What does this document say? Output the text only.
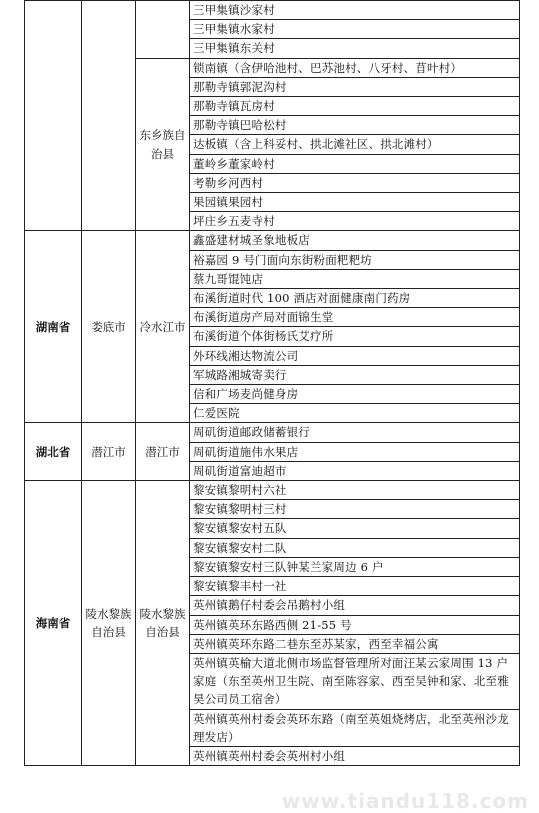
			三甲集镇沙家村
			三甲集镇水家村
			三甲集镇东关村
		东乡族自治县	锁南镇（含伊哈池村、巴苏池村、八牙村、苜叶村）
			那勒寺镇郭泥沟村
			那勒寺镇瓦房村
			那勒寺镇巴哈松村
			达板镇（含上科妥村、拱北滩社区、拱北滩村）
			董岭乡董家岭村
			考勒乡河西村
			果园镇果园村
			坪庄乡五麦寺村
湖南省	娄底市	冷水江市	鑫盛建材城圣象地板店
			裕嘉园 9 号门面向东街粉面粑粑坊
			蔡九哥馄饨店
			布溪街道时代 100 酒店对面健康南门药房
			布溪街道房产局对面锦生堂
			布溪街道个体街杨氏艾疗所
			外环线湘达物流公司
			军城路湘城寄卖行
			信和广场麦尚健身房
			仁爱医院
湖北省	潜江市	潜江市	周矶街道邮政储蓄银行
			周矶街道施伟水果店
			周矶街道富迪超市
海南省	陵水黎族自治县	陵水黎族自治县	黎安镇黎明村六社
			黎安镇黎明村三村
			黎安镇黎安村五队
			黎安镇黎安村二队
			黎安镇黎安村三队钟某兰家周边 6 户
			黎安镇黎丰村一社
			英州镇鹅仔村委会吊鹅村小组
			英州镇英环东路西侧 21-55 号
			英州镇英环东路二巷东至苏某家，西至幸福公寓
			英州镇英榆大道北侧市场监督管理所对面汪某云家周围 13 户家庭（东至英州卫生院、南至陈容家、西至吴钟和家、北至雅昊公司员工宿舍）
			英州镇英州村委会英环东路（南至英姐烧烤店，北至英州沙龙理发店）
			英州镇英州村委会英州村小组
www.tiandu118.com
